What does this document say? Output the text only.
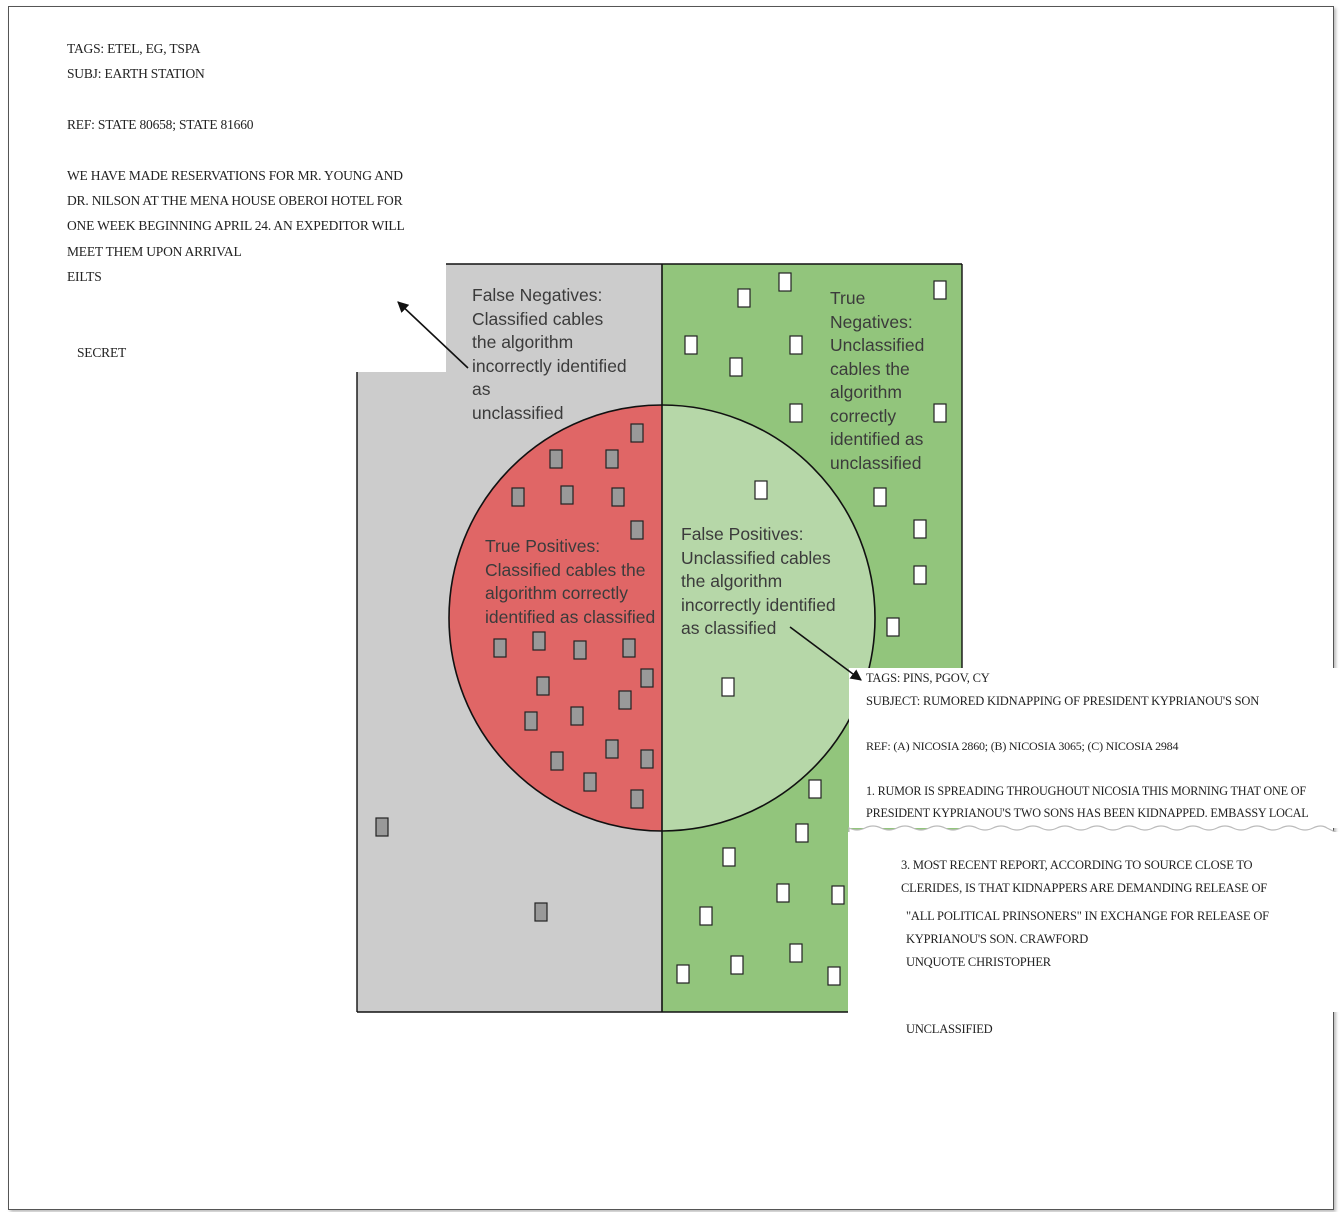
TAGS: ETEL, EG, TSPA
SUBJ: EARTH STATION
REF: STATE 80658; STATE 81660
WE HAVE MADE RESERVATIONS FOR MR. YOUNG AND
DR. NILSON AT THE MENA HOUSE OBEROI HOTEL FOR
ONE WEEK BEGINNING APRIL 24. AN EXPEDITOR WILL
MEET THEM UPON ARRIVAL
EILTS
SECRET
False Negatives:
Classified cables
the algorithm
incorrectly identified
as
unclassified
True
Negatives:
Unclassified
cables the
algorithm
correctly
identified as
unclassified
True Positives:
Classified cables the
algorithm correctly
identified as classified
False Positives:
Unclassified cables
the algorithm
incorrectly identified
as classified
TAGS: PINS, PGOV, CY
SUBJECT: RUMORED KIDNAPPING OF PRESIDENT KYPRIANOU'S SON
REF: (A) NICOSIA 2860; (B) NICOSIA 3065; (C) NICOSIA 2984
1. RUMOR IS SPREADING THROUGHOUT NICOSIA THIS MORNING THAT ONE OF
PRESIDENT KYPRIANOU'S TWO SONS HAS BEEN KIDNAPPED. EMBASSY LOCAL
3. MOST RECENT REPORT, ACCORDING TO SOURCE CLOSE TO
CLERIDES, IS THAT KIDNAPPERS ARE DEMANDING RELEASE OF
"ALL POLITICAL PRINSONERS" IN EXCHANGE FOR RELEASE OF
KYPRIANOU'S SON. CRAWFORD
UNQUOTE CHRISTOPHER
UNCLASSIFIED
